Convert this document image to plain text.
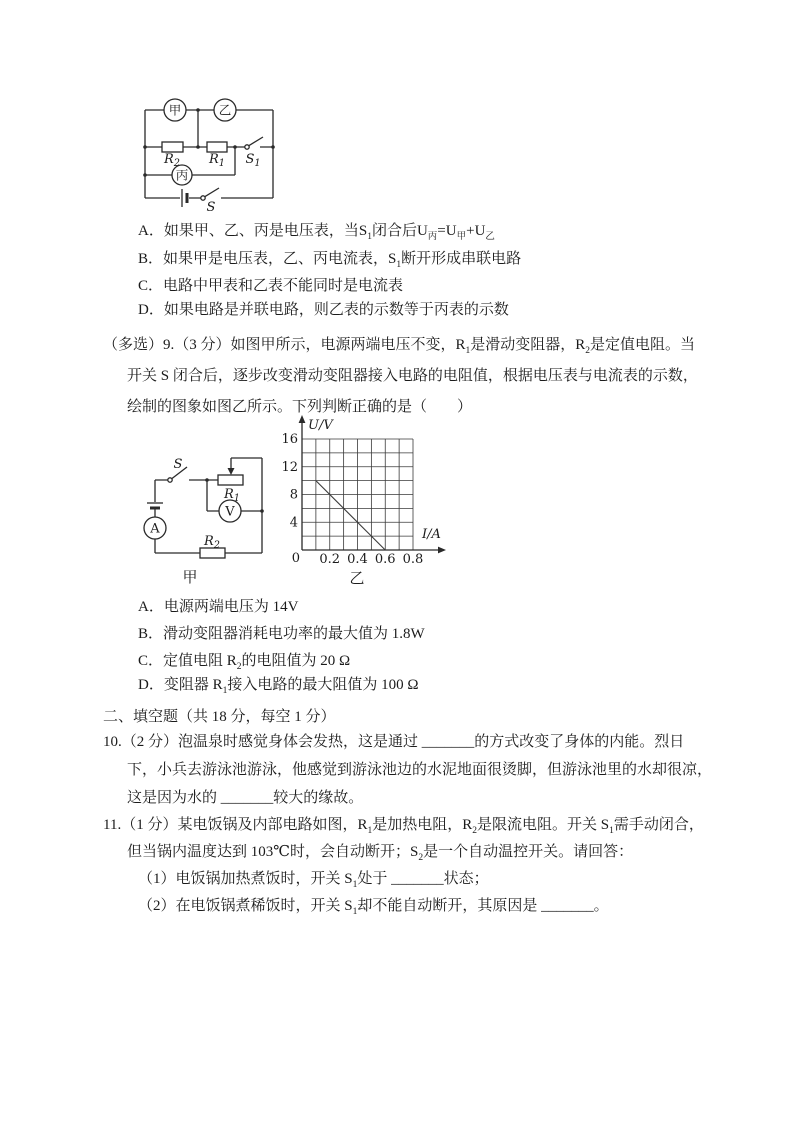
甲	乙
丙
$R_2$ $R_1$ $S_1$
S
A．如果甲、乙、丙是电压表，当$S_1$闭合后$U_丙=U_甲+U_乙$
B．如果甲是电压表，乙、丙电流表，$S_1$断开形成串联电路
C．电路中甲表和乙表不能同时是电流表
D．如果电路是并联电路，则乙表的示数等于丙表的示数
（多选）9.（3 分）如图甲所示，电源两端电压不变，$R_1$是滑动变阻器，$R_2$是定值电阻。当
开关 S 闭合后，逐步改变滑动变阻器接入电路的电阻值，根据电压表与电流表的示数，
绘制的图象如图乙所示。下列判断正确的是（　　）
S
$R_1$
$R_2$
A
V
甲
U/V
I/A
16
12
8
4
0 0.2 0.4 0.6 0.8
乙
A．电源两端电压为 14V
B．滑动变阻器消耗电功率的最大值为 1.8W
C．定值电阻 $R_2$的电阻值为 20 Ω
D．变阻器 $R_1$接入电路的最大阻值为 100 Ω
二、填空题（共 18 分，每空 1 分）
10.（2 分）泡温泉时感觉身体会发热，这是通过 _______的方式改变了身体的内能。烈日
下，小兵去游泳池游泳，他感觉到游泳池边的水泥地面很烫脚，但游泳池里的水却很凉，
这是因为水的 _______较大的缘故。
11.（1 分）某电饭锅及内部电路如图，$R_1$是加热电阻，$R_2$是限流电阻。开关 $S_1$需手动闭合，
但当锅内温度达到 103℃时，会自动断开；$S_2$是一个自动温控开关。请回答：
（1）电饭锅加热煮饭时，开关 $S_1$处于 _______状态；
（2）在电饭锅煮稀饭时，开关 $S_1$却不能自动断开，其原因是 _______。
